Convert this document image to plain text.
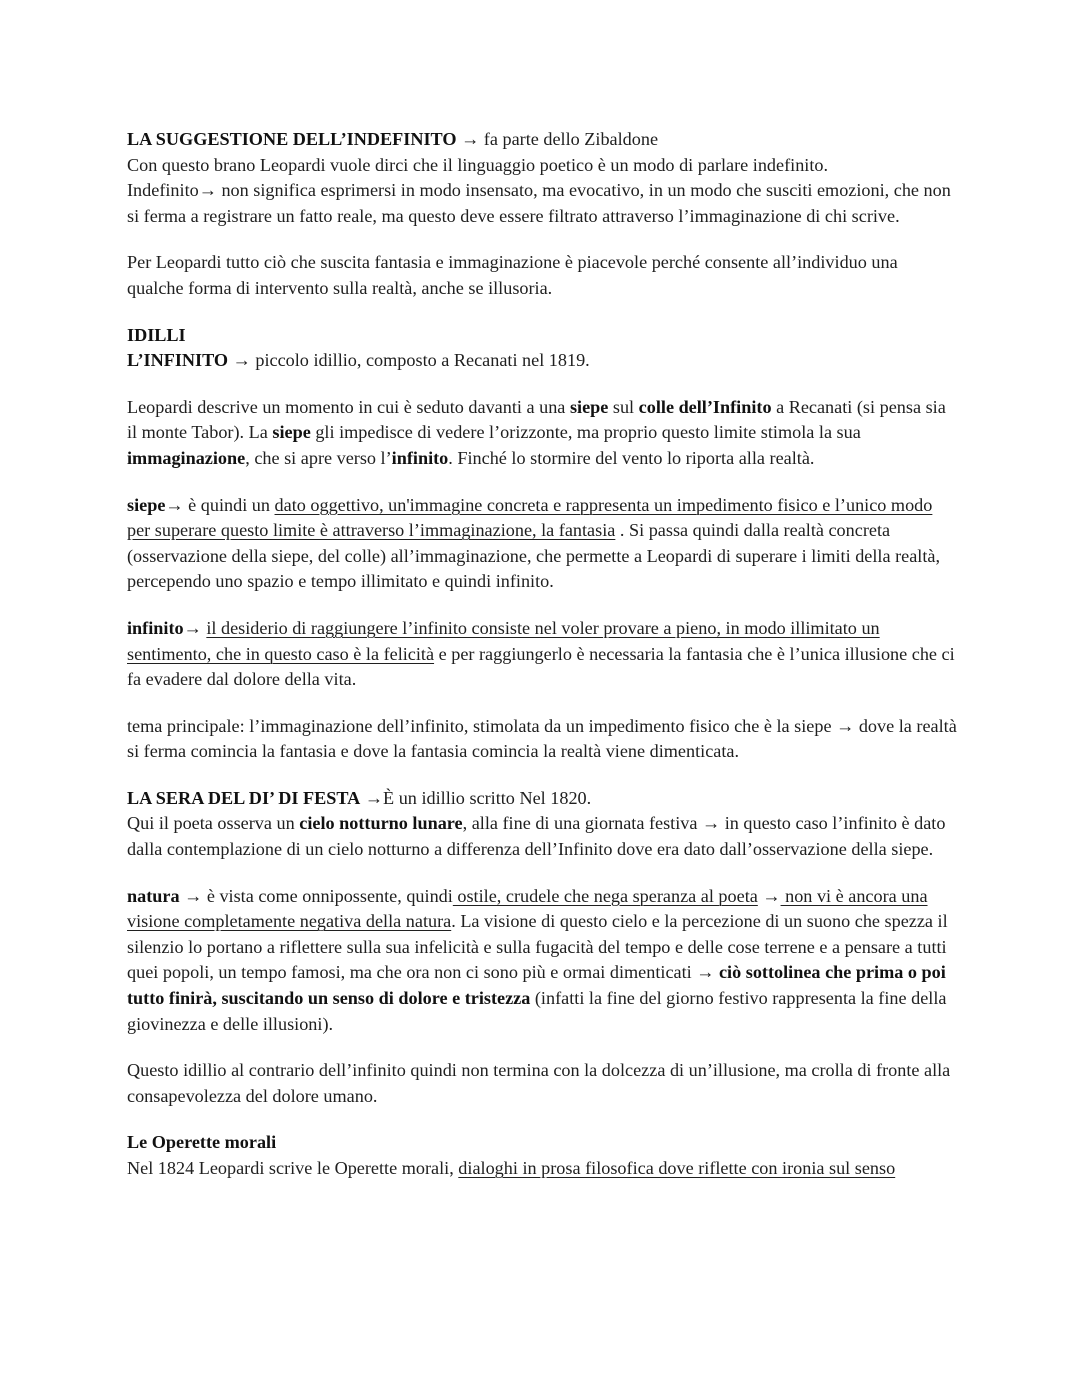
LA SUGGESTIONE DELL’INDEFINITO → fa parte dello Zibaldone
Con questo brano Leopardi vuole dirci che il linguaggio poetico è un modo di parlare indefinito.
Indefinito→ non significa esprimersi in modo insensato, ma evocativo, in un modo che susciti emozioni, che non si ferma a registrare un fatto reale, ma questo deve essere filtrato attraverso l’immaginazione di chi scrive.
Per Leopardi tutto ciò che suscita fantasia e immaginazione è piacevole perché consente all’individuo una qualche forma di intervento sulla realtà, anche se illusoria.
IDILLI
L’INFINITO → piccolo idillio, composto a Recanati nel 1819.
Leopardi descrive un momento in cui è seduto davanti a una siepe sul colle dell’Infinito a Recanati (si pensa sia il monte Tabor). La siepe gli impedisce di vedere l’orizzonte, ma proprio questo limite stimola la sua immaginazione, che si apre verso l’infinito. Finché lo stormire del vento lo riporta alla realtà.
siepe→ è quindi un dato oggettivo, un'immagine concreta e rappresenta un impedimento fisico e l’unico modo per superare questo limite è attraverso l’immaginazione, la fantasia . Si passa quindi dalla realtà concreta (osservazione della siepe, del colle) all’immaginazione, che permette a Leopardi di superare i limiti della realtà, percependo uno spazio e tempo illimitato e quindi infinito.
infinito→ il desiderio di raggiungere l’infinito consiste nel voler provare a pieno, in modo illimitato un sentimento, che in questo caso è la felicità e per raggiungerlo è necessaria la fantasia che è l’unica illusione che ci fa evadere dal dolore della vita.
tema principale: l’immaginazione dell’infinito, stimolata da un impedimento fisico che è la siepe → dove la realtà si ferma comincia la fantasia e dove la fantasia comincia la realtà viene dimenticata.
LA SERA DEL DI’ DI FESTA →È un idillio scritto Nel 1820.
Qui il poeta osserva un cielo notturno lunare, alla fine di una giornata festiva → in questo caso l’infinito è dato dalla contemplazione di un cielo notturno a differenza dell’Infinito dove era dato dall’osservazione della siepe.
natura → è vista come onnipossente, quindi ostile, crudele che nega speranza al poeta → non vi è ancora una visione completamente negativa della natura. La visione di questo cielo e la percezione di un suono che spezza il silenzio lo portano a riflettere sulla sua infelicità e sulla fugacità del tempo e delle cose terrene e a pensare a tutti quei popoli, un tempo famosi, ma che ora non ci sono più e ormai dimenticati → ciò sottolinea che prima o poi tutto finirà, suscitando un senso di dolore e tristezza (infatti la fine del giorno festivo rappresenta la fine della giovinezza e delle illusioni).
Questo idillio al contrario dell’infinito quindi non termina con la dolcezza di un’illusione, ma crolla di fronte alla consapevolezza del dolore umano.
Le Operette morali
Nel 1824 Leopardi scrive le Operette morali, dialoghi in prosa filosofica dove riflette con ironia sul senso
